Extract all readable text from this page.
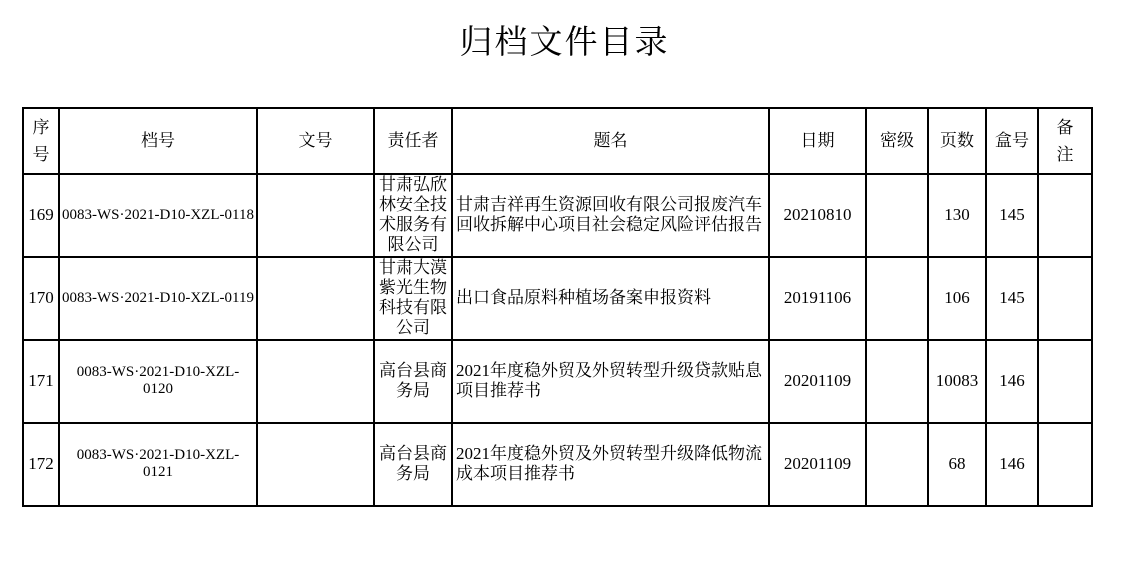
归档文件目录
序号	档号	文号	责任者	题名	日期	密级	页数	盒号	备注
169	0083-WS·2021-D10-XZL-0118		甘肃弘欣林安全技术服务有限公司	甘肃吉祥再生资源回收有限公司报废汽车回收拆解中心项目社会稳定风险评估报告	20210810		130	145	
170	0083-WS·2021-D10-XZL-0119		甘肃大漠紫光生物科技有限公司	出口食品原料种植场备案申报资料	20191106		106	145	
171	0083-WS·2021-D10-XZL-0120		高台县商务局	2021年度稳外贸及外贸转型升级贷款贴息项目推荐书	20201109		10083	146	
172	0083-WS·2021-D10-XZL-0121		高台县商务局	2021年度稳外贸及外贸转型升级降低物流成本项目推荐书	20201109		68	146	
